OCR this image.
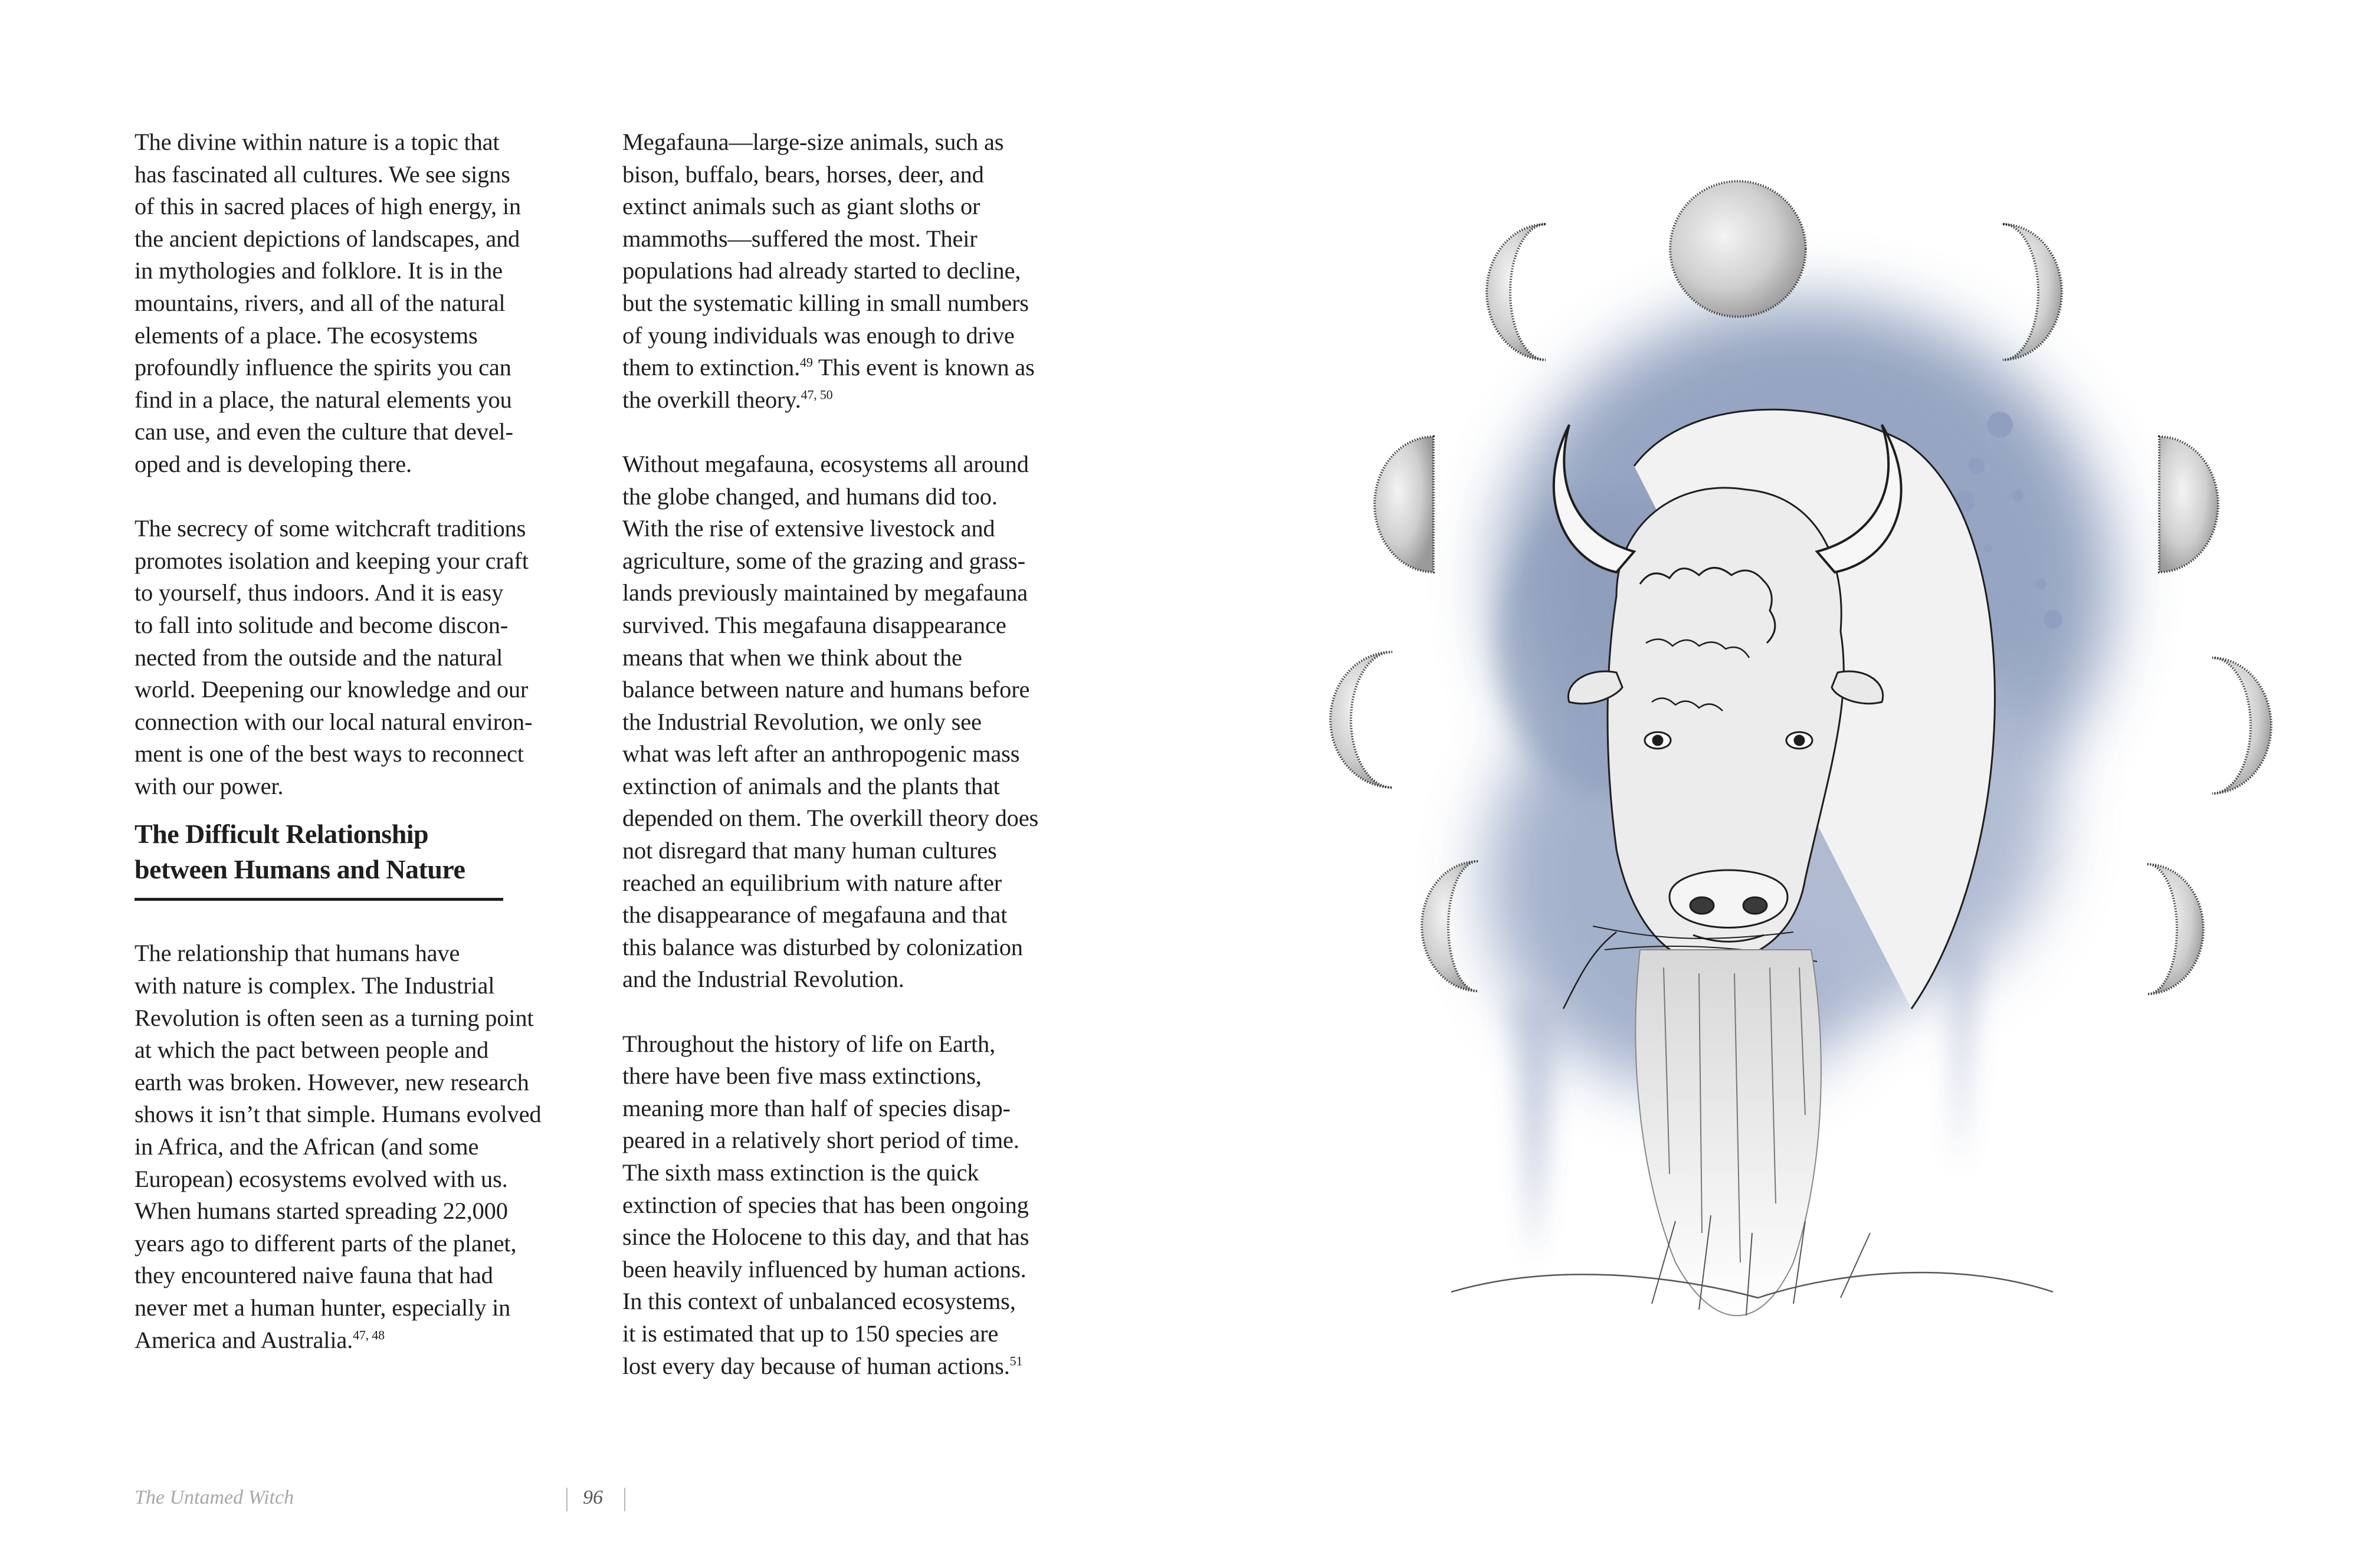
The divine within nature is a topic that
has fascinated all cultures. We see signs
of this in sacred places of high energy, in
the ancient depictions of landscapes, and
in mythologies and folklore. It is in the
mountains, rivers, and all of the natural
elements of a place. The ecosystems
profoundly influence the spirits you can
find in a place, the natural elements you
can use, and even the culture that devel-
oped and is developing there.
The secrecy of some witchcraft traditions
promotes isolation and keeping your craft
to yourself, thus indoors. And it is easy
to fall into solitude and become discon-
nected from the outside and the natural
world. Deepening our knowledge and our
connection with our local natural environ-
ment is one of the best ways to reconnect
with our power.
The Difficult Relationship
between Humans and Nature
The relationship that humans have
with nature is complex. The Industrial
Revolution is often seen as a turning point
at which the pact between people and
earth was broken. However, new research
shows it isn’t that simple. Humans evolved
in Africa, and the African (and some
European) ecosystems evolved with us.
When humans started spreading 22,000
years ago to different parts of the planet,
they encountered naive fauna that had
never met a human hunter, especially in
America and Australia.$^{47, 48}$
Megafauna—large-size animals, such as
bison, buffalo, bears, horses, deer, and
extinct animals such as giant sloths or
mammoths—suffered the most. Their
populations had already started to decline,
but the systematic killing in small numbers
of young individuals was enough to drive
them to extinction.$^{49}$ This event is known as
the overkill theory.$^{47, 50}$
Without megafauna, ecosystems all around
the globe changed, and humans did too.
With the rise of extensive livestock and
agriculture, some of the grazing and grass-
lands previously maintained by megafauna
survived. This megafauna disappearance
means that when we think about the
balance between nature and humans before
the Industrial Revolution, we only see
what was left after an anthropogenic mass
extinction of animals and the plants that
depended on them. The overkill theory does
not disregard that many human cultures
reached an equilibrium with nature after
the disappearance of megafauna and that
this balance was disturbed by colonization
and the Industrial Revolution.
Throughout the history of life on Earth,
there have been five mass extinctions,
meaning more than half of species disap-
peared in a relatively short period of time.
The sixth mass extinction is the quick
extinction of species that has been ongoing
since the Holocene to this day, and that has
been heavily influenced by human actions.
In this context of unbalanced ecosystems,
it is estimated that up to 150 species are
lost every day because of human actions.$^{51}$
The Untamed Witch	96
